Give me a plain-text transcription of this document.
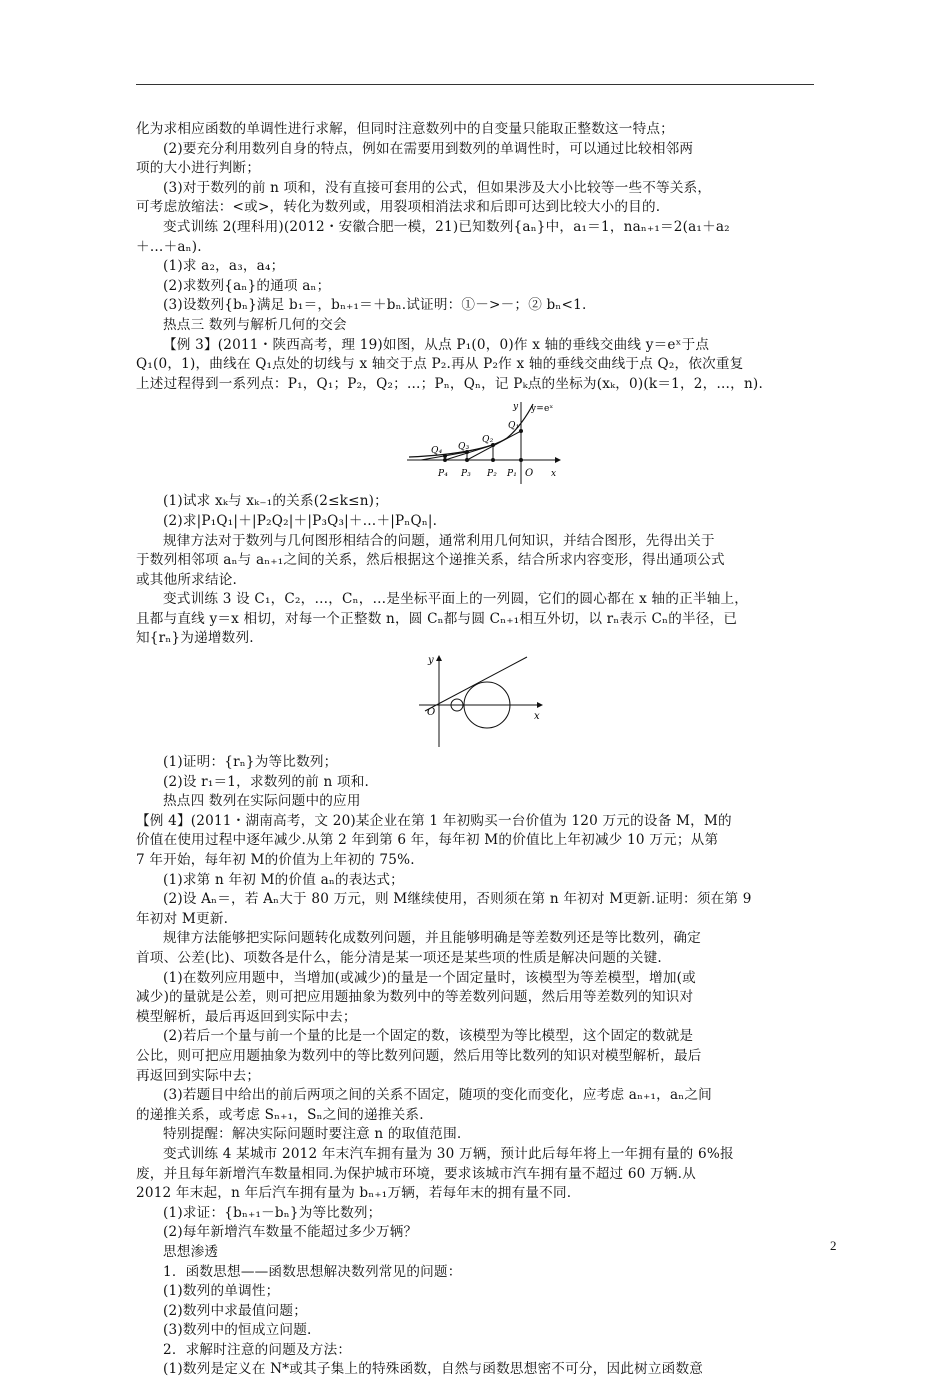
化为求相应函数的单调性进行求解，但同时注意数列中的自变量只能取正整数这一特点；

(2)要充分利用数列自身的特点，例如在需要用到数列的单调性时，可以通过比较相邻两

项的大小进行判断；

(3)对于数列的前 n 项和，没有直接可套用的公式，但如果涉及大小比较等一些不等关系，

可考虑放缩法：<或>，转化为数列或，用裂项相消法求和后即可达到比较大小的目的.

变式训练 2(理科用)(2012・安徽合肥一模，21)已知数列{aₙ}中，a₁＝1，naₙ₊₁＝2(a₁＋a₂

＋…＋aₙ).

(1)求 a₂，a₃，a₄；

(2)求数列{aₙ}的通项 aₙ；

(3)设数列{bₙ}满足 b₁＝，bₙ₊₁＝＋bₙ.试证明：①－>－；② bₙ<1.

热点三 数列与解析几何的交会

【例 3】(2011・陕西高考，理 19)如图，从点 P₁(0，0)作 x 轴的垂线交曲线 y＝eˣ于点

Q₁(0，1)，曲线在 Q₁点处的切线与 x 轴交于点 P₂.再从 P₂作 x 轴的垂线交曲线于点 Q₂，依次重复

上述过程得到一系列点：P₁，Q₁；P₂，Q₂；…；Pₙ，Qₙ，记 Pₖ点的坐标为(xₖ，0)(k＝1，2，…，n).

y=eˣ
y
x
O
Q₁
Q₂
Q₃
Q₄
P₁
P₂
P₃
P₄

(1)试求 xₖ与 xₖ₋₁的关系(2≤k≤n)；

(2)求|P₁Q₁|＋|P₂Q₂|＋|P₃Q₃|＋…＋|PₙQₙ|.

规律方法对于数列与几何图形相结合的问题，通常利用几何知识，并结合图形，先得出关于

于数列相邻项 aₙ与 aₙ₊₁之间的关系，然后根据这个递推关系，结合所求内容变形，得出通项公式

或其他所求结论.

变式训练 3 设 C₁，C₂，…，Cₙ，…是坐标平面上的一列圆，它们的圆心都在 x 轴的正半轴上，

且都与直线 y＝x 相切，对每一个正整数 n，圆 Cₙ都与圆 Cₙ₊₁相互外切，以 rₙ表示 Cₙ的半径，已

知{rₙ}为递增数列.

y
x
O

(1)证明：{rₙ}为等比数列；

(2)设 r₁＝1，求数列的前 n 项和.

热点四 数列在实际问题中的应用

【例 4】(2011・湖南高考，文 20)某企业在第 1 年初购买一台价值为 120 万元的设备 M，M的

价值在使用过程中逐年减少.从第 2 年到第 6 年，每年初 M的价值比上年初减少 10 万元；从第

7 年开始，每年初 M的价值为上年初的 75%.

(1)求第 n 年初 M的价值 aₙ的表达式；

(2)设 Aₙ＝，若 Aₙ大于 80 万元，则 M继续使用，否则须在第 n 年初对 M更新.证明：须在第 9

年初对 M更新.

规律方法能够把实际问题转化成数列问题，并且能够明确是等差数列还是等比数列，确定

首项、公差(比)、项数各是什么，能分清是某一项还是某些项的性质是解决问题的关键.

(1)在数列应用题中，当增加(或减少)的量是一个固定量时，该模型为等差模型，增加(或

减少)的量就是公差，则可把应用题抽象为数列中的等差数列问题，然后用等差数列的知识对

模型解析，最后再返回到实际中去；

(2)若后一个量与前一个量的比是一个固定的数，该模型为等比模型，这个固定的数就是

公比，则可把应用题抽象为数列中的等比数列问题，然后用等比数列的知识对模型解析，最后

再返回到实际中去；

(3)若题目中给出的前后两项之间的关系不固定，随项的变化而变化，应考虑 aₙ₊₁，aₙ之间

的递推关系，或考虑 Sₙ₊₁，Sₙ之间的递推关系.

特别提醒：解决实际问题时要注意 n 的取值范围.

变式训练 4 某城市 2012 年末汽车拥有量为 30 万辆，预计此后每年将上一年拥有量的 6%报

废，并且每年新增汽车数量相同.为保护城市环境，要求该城市汽车拥有量不超过 60 万辆.从

2012 年末起，n 年后汽车拥有量为 bₙ₊₁万辆，若每年末的拥有量不同.

(1)求证：{bₙ₊₁－bₙ}为等比数列；

(2)每年新增汽车数量不能超过多少万辆？

思想渗透

1．函数思想——函数思想解决数列常见的问题：

(1)数列的单调性；

(2)数列中求最值问题；

(3)数列中的恒成立问题.

2．求解时注意的问题及方法：

(1)数列是定义在 N*或其子集上的特殊函数，自然与函数思想密不可分，因此树立函数意

2
